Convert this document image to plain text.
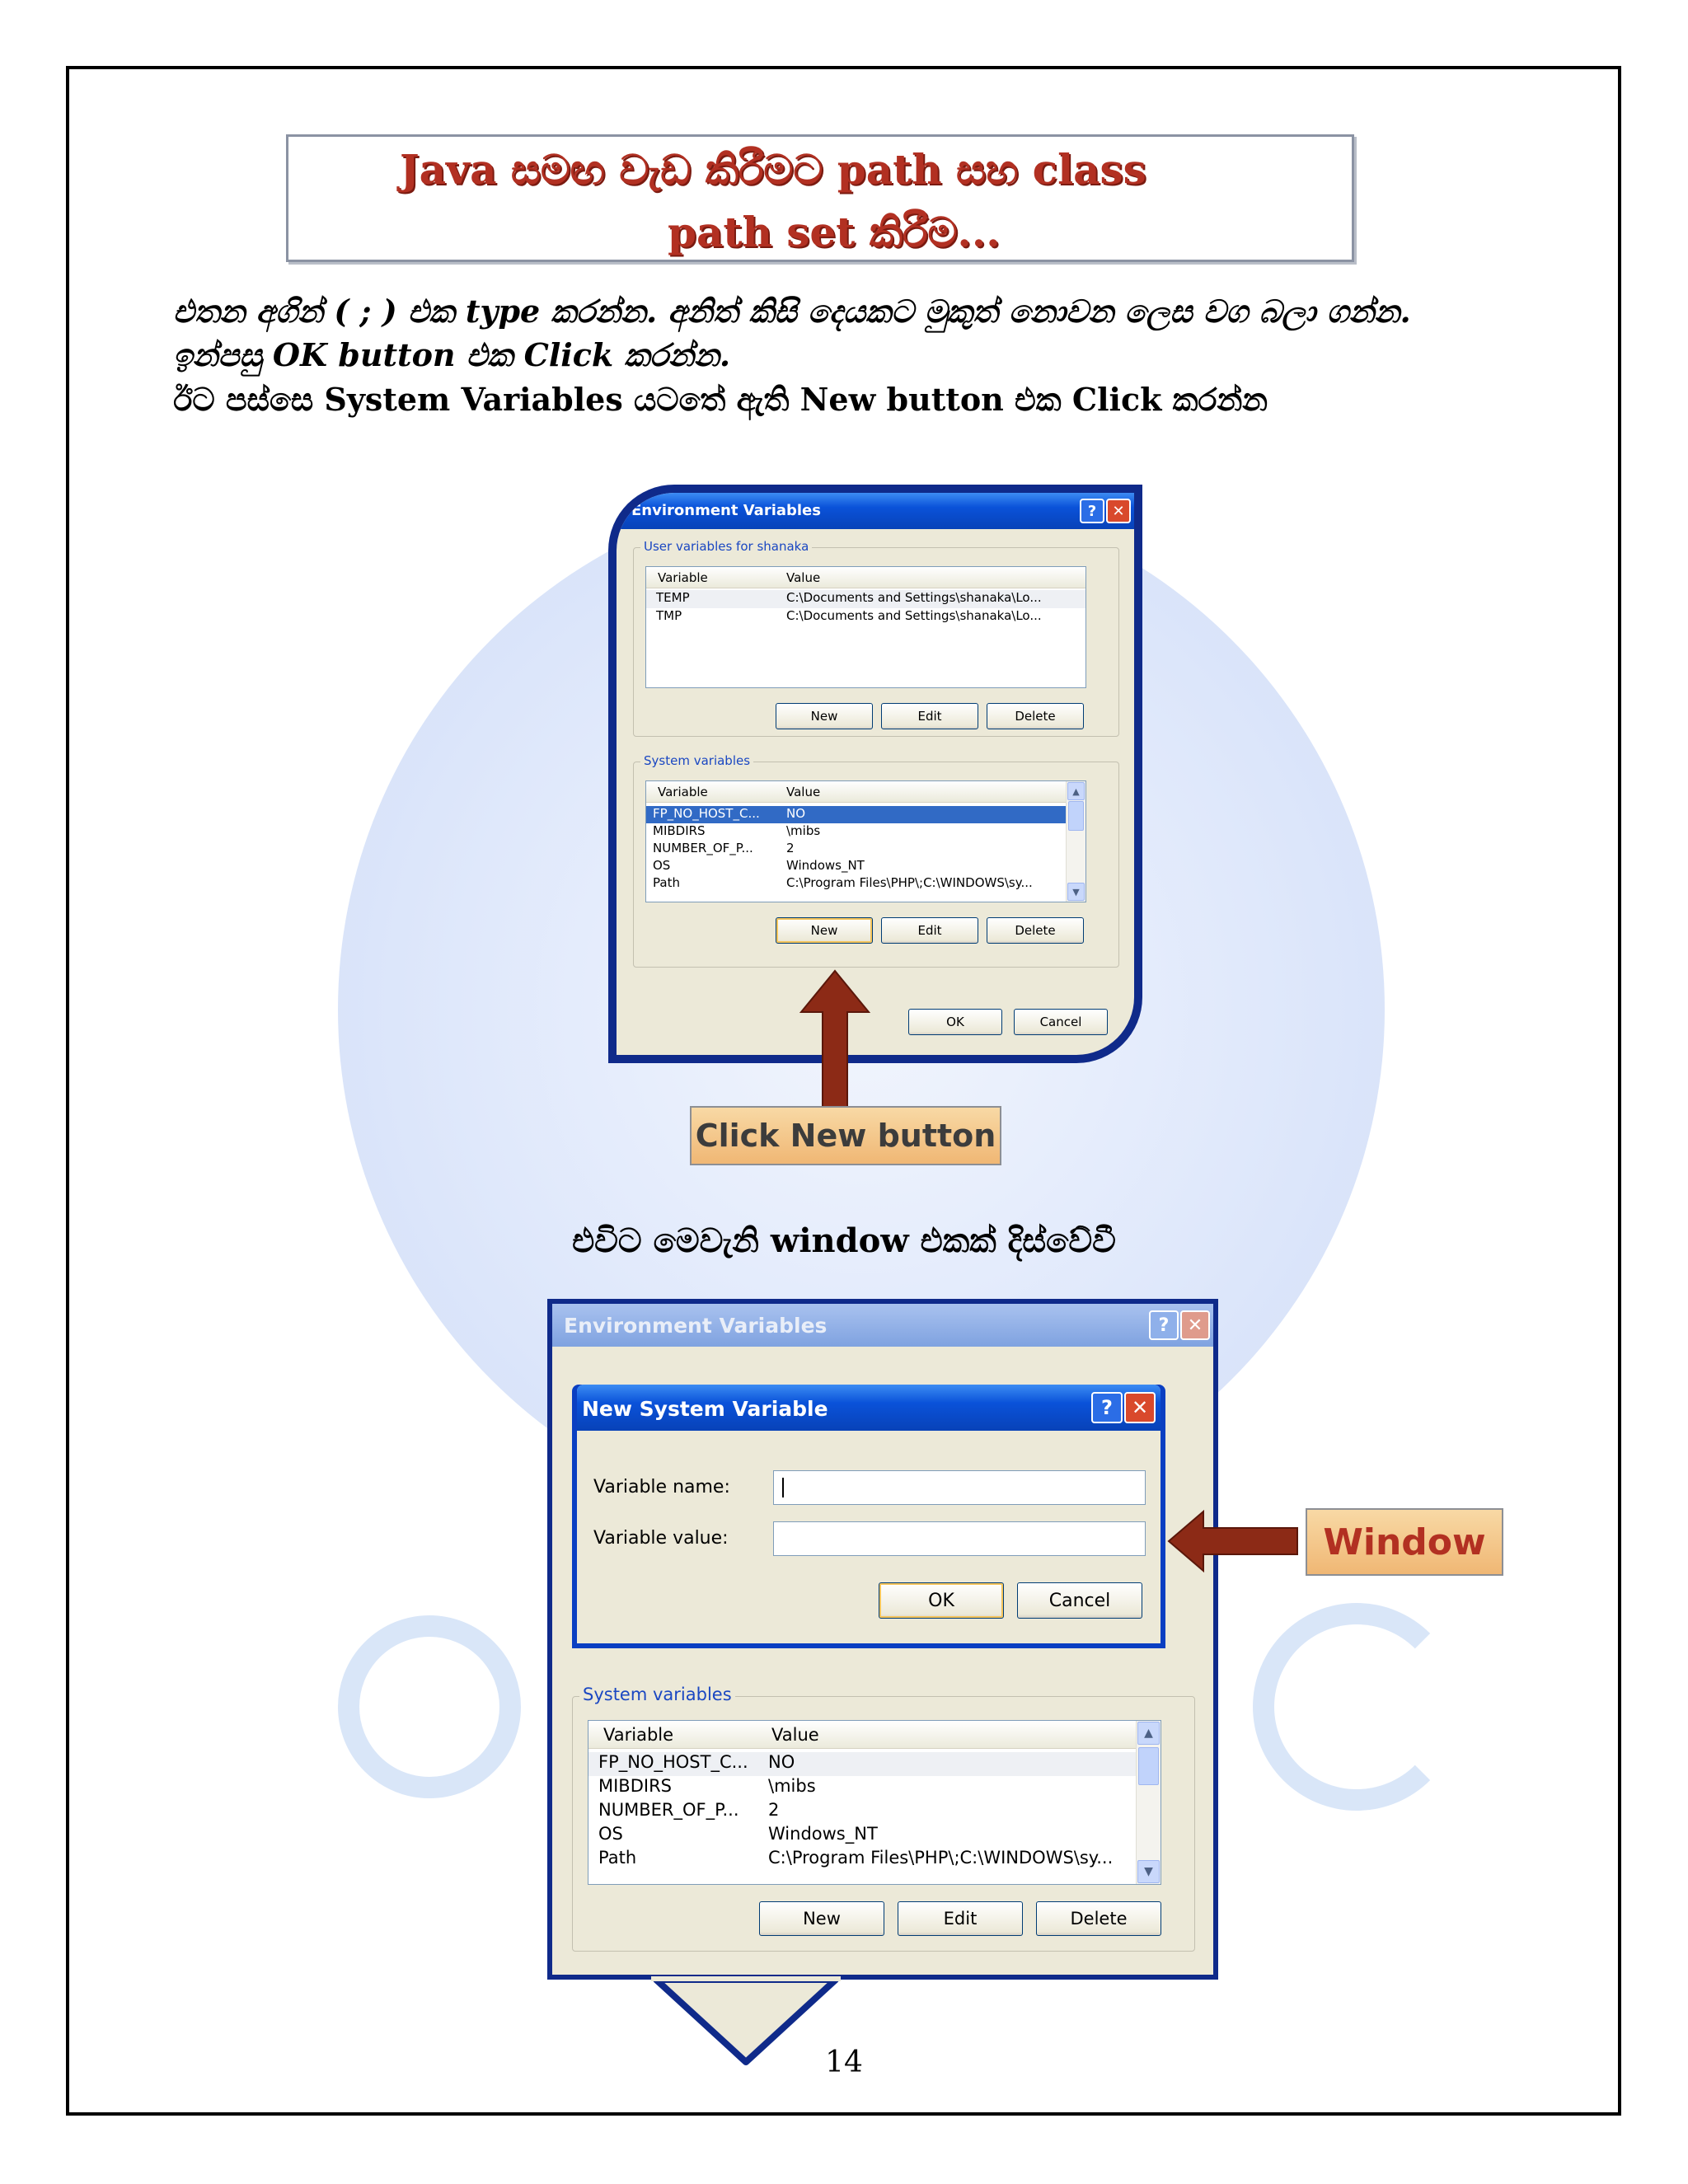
Java සමඟ වැඩ කිරීමට path සහ class
path set කිරීම...
එතන අගින් ( ; ) එක type කරන්න. අනිත් කිසි දෙයකට මුකුත් නොවන ලෙස වග බලා ගන්න.
ඉන්පසු OK button එක Click කරන්න.
ඊට පස්සෙ System Variables යටතේ ඇති New button එක Click කරන්න
Environment Variables	?	✕
User variables for shanaka
Variable	Value
TEMP	C:\Documents and Settings\shanaka\Lo...
TMP	C:\Documents and Settings\shanaka\Lo...
New	Edit	Delete
System variables
Variable	Value
FP_NO_HOST_C... NO
MIBDIRS	\mibs
NUMBER_OF_P...	2
OS	Windows_NT
Path	C:\Program Files\PHP\;C:\WINDOWS\sy...
▲
▼
New	Edit	Delete
OK	Cancel
Click New button
එවිට මෙවැනි window එකක් දිස්වේවී
Environment Variables	?	✕
System variables
Variable	Value
FP_NO_HOST_C... NO
MIBDIRS	\mibs
NUMBER_OF_P... 2
OS	Windows_NT
Path	C:\Program Files\PHP\;C:\WINDOWS\sy...
▲
▼
New	Edit	Delete
New System Variable	? ✕
Variable name:
Variable value:
OK	Cancel
Window
14
